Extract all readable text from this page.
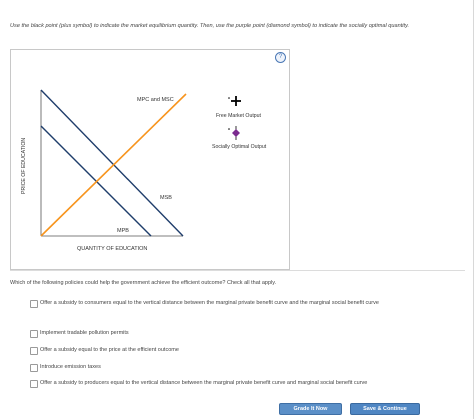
Use the black point (plus symbol) to indicate the market equilibrium quantity. Then, use the purple point (diamond symbol) to indicate the socially optimal quantity.
MPC and MSC
MSB
MPB
PRICE OF EDUCATION
QUANTITY OF EDUCATION
Free Market Output
Socially Optimal Output
?
Which of the following policies could help the government achieve the efficient outcome? Check all that apply.
Offer a subsidy to consumers equal to the vertical distance between the marginal private benefit curve and the marginal social benefit curve
Implement tradable pollution permits
Offer a subsidy equal to the price at the efficient outcome
Introduce emission taxes
Offer a subsidy to producers equal to the vertical distance between the marginal private benefit curve and marginal social benefit curve
Grade It Now	Save & Continue
